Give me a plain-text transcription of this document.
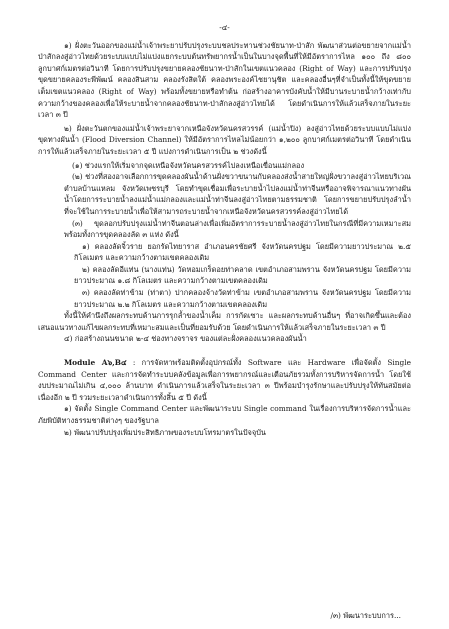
-๔-

๑) ฝั่งตะวันออกของแม่น้ำเจ้าพระยาปรับปรุงระบบชลประทานช่วงชัยนาท-ป่าสัก พัฒนาส่วนต่อขยายจากแม่น้ำป่าสักลงสู่อ่าวไทยด้วยระบบแบบไม่แบ่งแยกระบบต้นทรัพยากรน้ำเป็นในบางจุดพื้นที่ให้มีอัตราการไหล ๑๐๐ ถึง ๘๐๐ ลูกบาศก์เมตรต่อวินาที โดยการปรับปรุงขยายคลองชัยนาท-ป่าสักในเขตแนวคลอง (Right of Way) และการปรับปรุงขุดขยายคลองระพีพัฒน์ คลองสินสาม คลองรังสิตใต้ คลองพระองค์ไชยานุชิต และคลองอื่นๆที่จำเป็นทั้งนี้ให้ขุดขยายเต็มเขตแนวคลอง (Right of Way) พร้อมทั้งขยายหรือทำต้น ก่อสร้างอาคารบังคับน้ำให้มีบานระบายน้ำกว้างเท่ากับความกว้างของคลองเพื่อให้ระบายน้ำจากคลองชัยนาท-ป่าสักลงสู่อ่าวไทยได้ โดยดำเนินการให้แล้วเสร็จภายในระยะเวลา ๓ ปี

๒) ฝั่งตะวันตกของแม่น้ำเจ้าพระยาจากเหนือจังหวัดนครสวรรค์ (แม่น้ำปิง) ลงสู่อ่าวไทยด้วยระบบแบบไม่แบ่งขุดทางผันน้ำ (Flood Diversion Channel) ให้มีอัตราการไหลไม่น้อยกว่า ๑,๒๐๐ ลูกบาศก์เมตรต่อวินาที โดยดำเนินการให้แล้วเสร็จภายในระยะเวลา ๕ ปี แบ่งการดำเนินการเป็น ๒ ช่วงดังนี้

(๑) ช่วงแรกให้เริ่มจากจุดเหนือจังหวัดนครสวรรค์ไปลงเหนือเขื่อนแม่กลอง

(๒) ช่วงที่สองอาจเลือกการขุดคลองผันน้ำด้านฝั่งขวาขนานกับคลองส่งน้ำสายใหญ่ฝั่งขวาลงสู่อ่าวไทยบริเวณตำบลบ้านแหลม จังหวัดเพชรบุรี โดยทำขุดเชื่อมเพื่อระบายน้ำไปลงแม่น้ำท่าจีนหรืออาจพิจารณาแนวทางผันน้ำโดยการระบายน้ำลงแม่น้ำแม่กลองและแม่น้ำท่าจีนลงสู่อ่าวไทยตามธรรมชาติ โดยการขยายปรับปรุงลำน้ำที่จะใช้ในการระบายน้ำเพื่อให้สามารถระบายน้ำจากเหนือจังหวัดนครสวรรค์ลงสู่อ่าวไทยได้

(๓) ขุดลอกปรับปรุงแม่น้ำท่าจีนตอนล่างเพื่อเพิ่มอัตราการระบายน้ำลงสู่อ่าวไทยในกรณีที่มีความเหมาะสม พร้อมทั้งการขุดคลองลัด ๓ แห่ง ดังนี้

๑) คลองลัดจิ้วราย ยอกรัดไทยาราส อำเภอนครชัยศรี จังหวัดนครปฐม โดยมีความยาวประมาณ ๒.๕ กิโลเมตร และความกว้างตามเขตคลองเดิม

๒) คลองลัดอีแท่น (นางแท่น) วัดหอมเกร็ดอยท่าคลาด เขตอำเภอสามพราน จังหวัดนครปฐม โดยมีความยาวประมาณ ๑.๘ กิโลเมตร และความกว้างตามเขตคลองเดิม

๓) คลองลัดท่าข้าม (ท่าตา) ปากคลองจ้างวัดท่าข้าม เขตอำเภอสามพราน จังหวัดนครปฐม โดยมีความยาวประมาณ ๒.๒ กิโลเมตร และความกว้างตามเขตคลองเดิม

ทั้งนี้ให้คำนึงถึงผลกระทบด้านการรุกล้ำของน้ำเค็ม การกัดเซาะ และผลกระทบด้านอื่นๆ ที่อาจเกิดขึ้นและต้องเสนอแนวทางแก้ไขผลกระทบที่เหมาะสมและเป็นที่ยอมรับด้วย โดยดำเนินการให้แล้วเสร็จภายในระยะเวลา ๓ ปี

๔) ก่อสร้างถนนขนาด ๒-๔ ช่องทางจราจร ของแต่ละฝั่งคลองแนวคลองผันน้ำ

Module A๖,B๔ : การจัดหาพร้อมติดตั้งอุปกรณ์ทั้ง Software และ Hardware เพื่อจัดตั้ง Single Command Center และการจัดทำระบบคลังข้อมูลเพื่อการพยากรณ์และเตือนภัยรวมทั้งการบริหารจัดการน้ำ โดยใช้งบประมาณไม่เกิน ๔,๐๐๐ ล้านบาท ดำเนินการแล้วเสร็จในระยะเวลา ๓ ปีพร้อมบำรุงรักษาและปรับปรุงให้ทันสมัยต่อเนื่องอีก ๒ ปี รวมระยะเวลาดำเนินการทั้งสิ้น ๕ ปี ดังนี้

๑) จัดตั้ง Single Command Center และพัฒนาระบบ Single command ในเรื่องการบริหารจัดการน้ำและภัยพิบัติทางธรรมชาติต่างๆ ของรัฐบาล

๒) พัฒนาปรับปรุงเพิ่มประสิทธิภาพของระบบโทรมาตรในปัจจุบัน

/๓) พัฒนาระบบการ...
